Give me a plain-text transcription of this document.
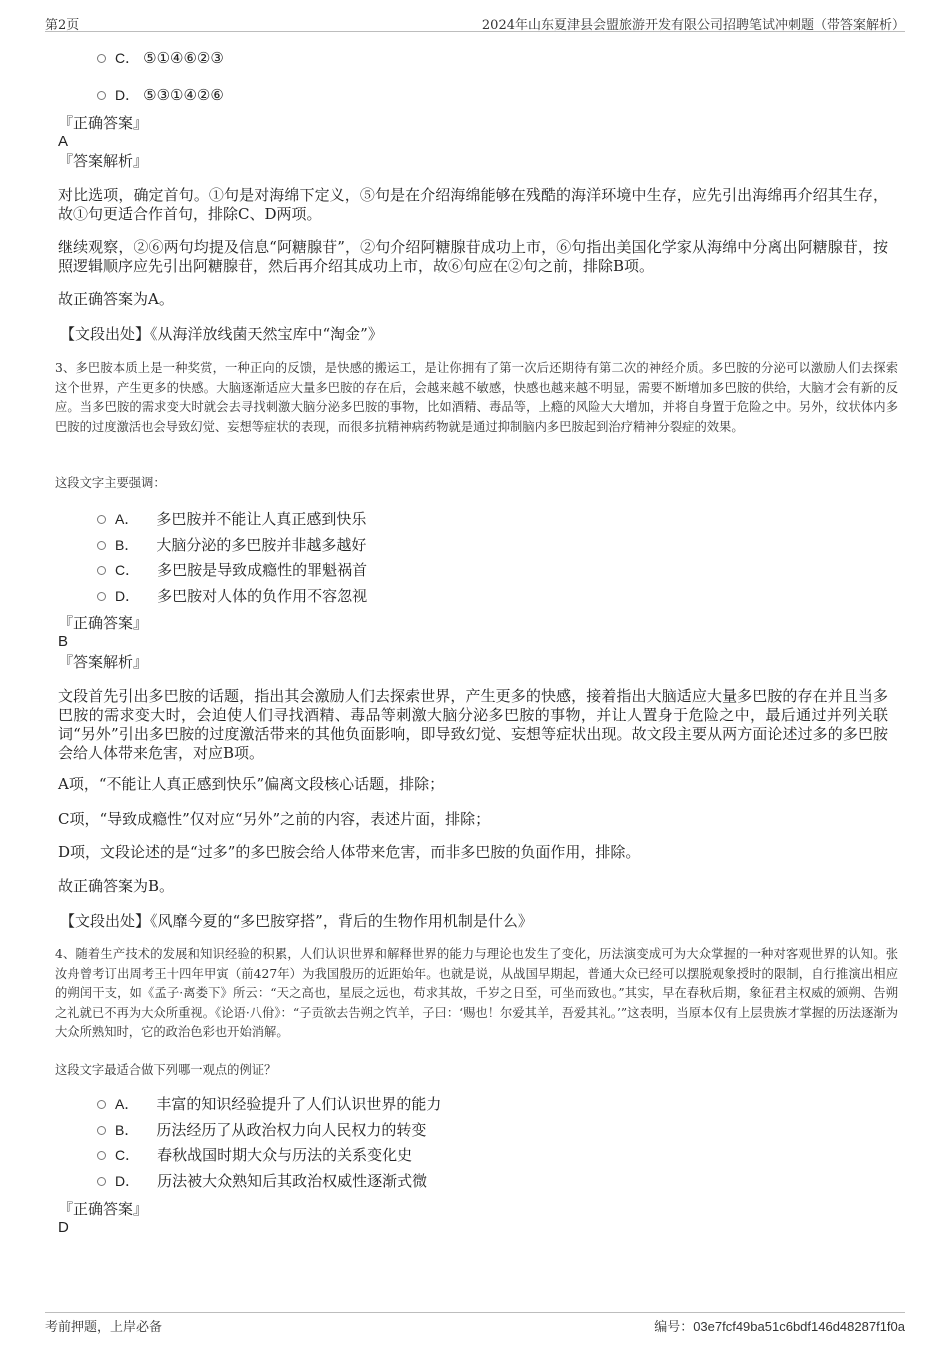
第2页	2024年山东夏津县会盟旅游开发有限公司招聘笔试冲刺题（带答案解析）
C． ⑤①④⑥②③
D． ⑤③①④②⑥
『正确答案』
A
『答案解析』
对比选项，确定首句。①句是对海绵下定义，⑤句是在介绍海绵能够在残酷的海洋环境中生存，应先引出海绵再介绍其生存，故①句更适合作首句，排除C、D两项。
继续观察，②⑥两句均提及信息“阿糖腺苷”，②句介绍阿糖腺苷成功上市，⑥句指出美国化学家从海绵中分离出阿糖腺苷，按照逻辑顺序应先引出阿糖腺苷，然后再介绍其成功上市，故⑥句应在②句之前，排除B项。
故正确答案为A。
【文段出处】《从海洋放线菌天然宝库中“淘金”》
3、多巴胺本质上是一种奖赏，一种正向的反馈，是快感的搬运工，是让你拥有了第一次后还期待有第二次的神经介质。多巴胺的分泌可以激励人们去探索这个世界，产生更多的快感。大脑逐渐适应大量多巴胺的存在后，会越来越不敏感，快感也越来越不明显，需要不断增加多巴胺的供给，大脑才会有新的反应。当多巴胺的需求变大时就会去寻找刺激大脑分泌多巴胺的事物，比如酒精、毒品等，上瘾的风险大大增加，并将自身置于危险之中。另外，纹状体内多巴胺的过度激活也会导致幻觉、妄想等症状的表现，而很多抗精神病药物就是通过抑制脑内多巴胺起到治疗精神分裂症的效果。
这段文字主要强调：
A． 多巴胺并不能让人真正感到快乐
B． 大脑分泌的多巴胺并非越多越好
C． 多巴胺是导致成瘾性的罪魁祸首
D． 多巴胺对人体的负作用不容忽视
『正确答案』
B
『答案解析』
文段首先引出多巴胺的话题，指出其会激励人们去探索世界，产生更多的快感，接着指出大脑适应大量多巴胺的存在并且当多巴胺的需求变大时，会迫使人们寻找酒精、毒品等刺激大脑分泌多巴胺的事物，并让人置身于危险之中，最后通过并列关联词“另外”引出多巴胺的过度激活带来的其他负面影响，即导致幻觉、妄想等症状出现。故文段主要从两方面论述过多的多巴胺会给人体带来危害，对应B项。
A项，“不能让人真正感到快乐”偏离文段核心话题，排除；
C项，“导致成瘾性”仅对应“另外”之前的内容，表述片面，排除；
D项，文段论述的是“过多”的多巴胺会给人体带来危害，而非多巴胺的负面作用，排除。
故正确答案为B。
【文段出处】《风靡今夏的“多巴胺穿搭”，背后的生物作用机制是什么》
4、随着生产技术的发展和知识经验的积累，人们认识世界和解释世界的能力与理论也发生了变化，历法演变成可为大众掌握的一种对客观世界的认知。张汝舟曾考订出周考王十四年甲寅（前427年）为我国殷历的近距始年。也就是说，从战国早期起，普通大众已经可以摆脱观象授时的限制，自行推演出相应的朔闰干支，如《孟子·离娄下》所云：“天之高也，星辰之远也，苟求其故，千岁之日至，可坐而致也。”其实，早在春秋后期，象征君主权威的颁朔、告朔之礼就已不再为大众所重视。《论语·八佾》：“子贡欲去告朔之饩羊，子曰：‘赐也！尔爱其羊，吾爱其礼。’”这表明，当原本仅有上层贵族才掌握的历法逐渐为大众所熟知时，它的政治色彩也开始消解。
这段文字最适合做下列哪一观点的例证？
A． 丰富的知识经验提升了人们认识世界的能力
B． 历法经历了从政治权力向人民权力的转变
C． 春秋战国时期大众与历法的关系变化史
D． 历法被大众熟知后其政治权威性逐渐式微
『正确答案』
D
考前押题，上岸必备	编号：03e7fcf49ba51c6bdf146d48287f1f0a
